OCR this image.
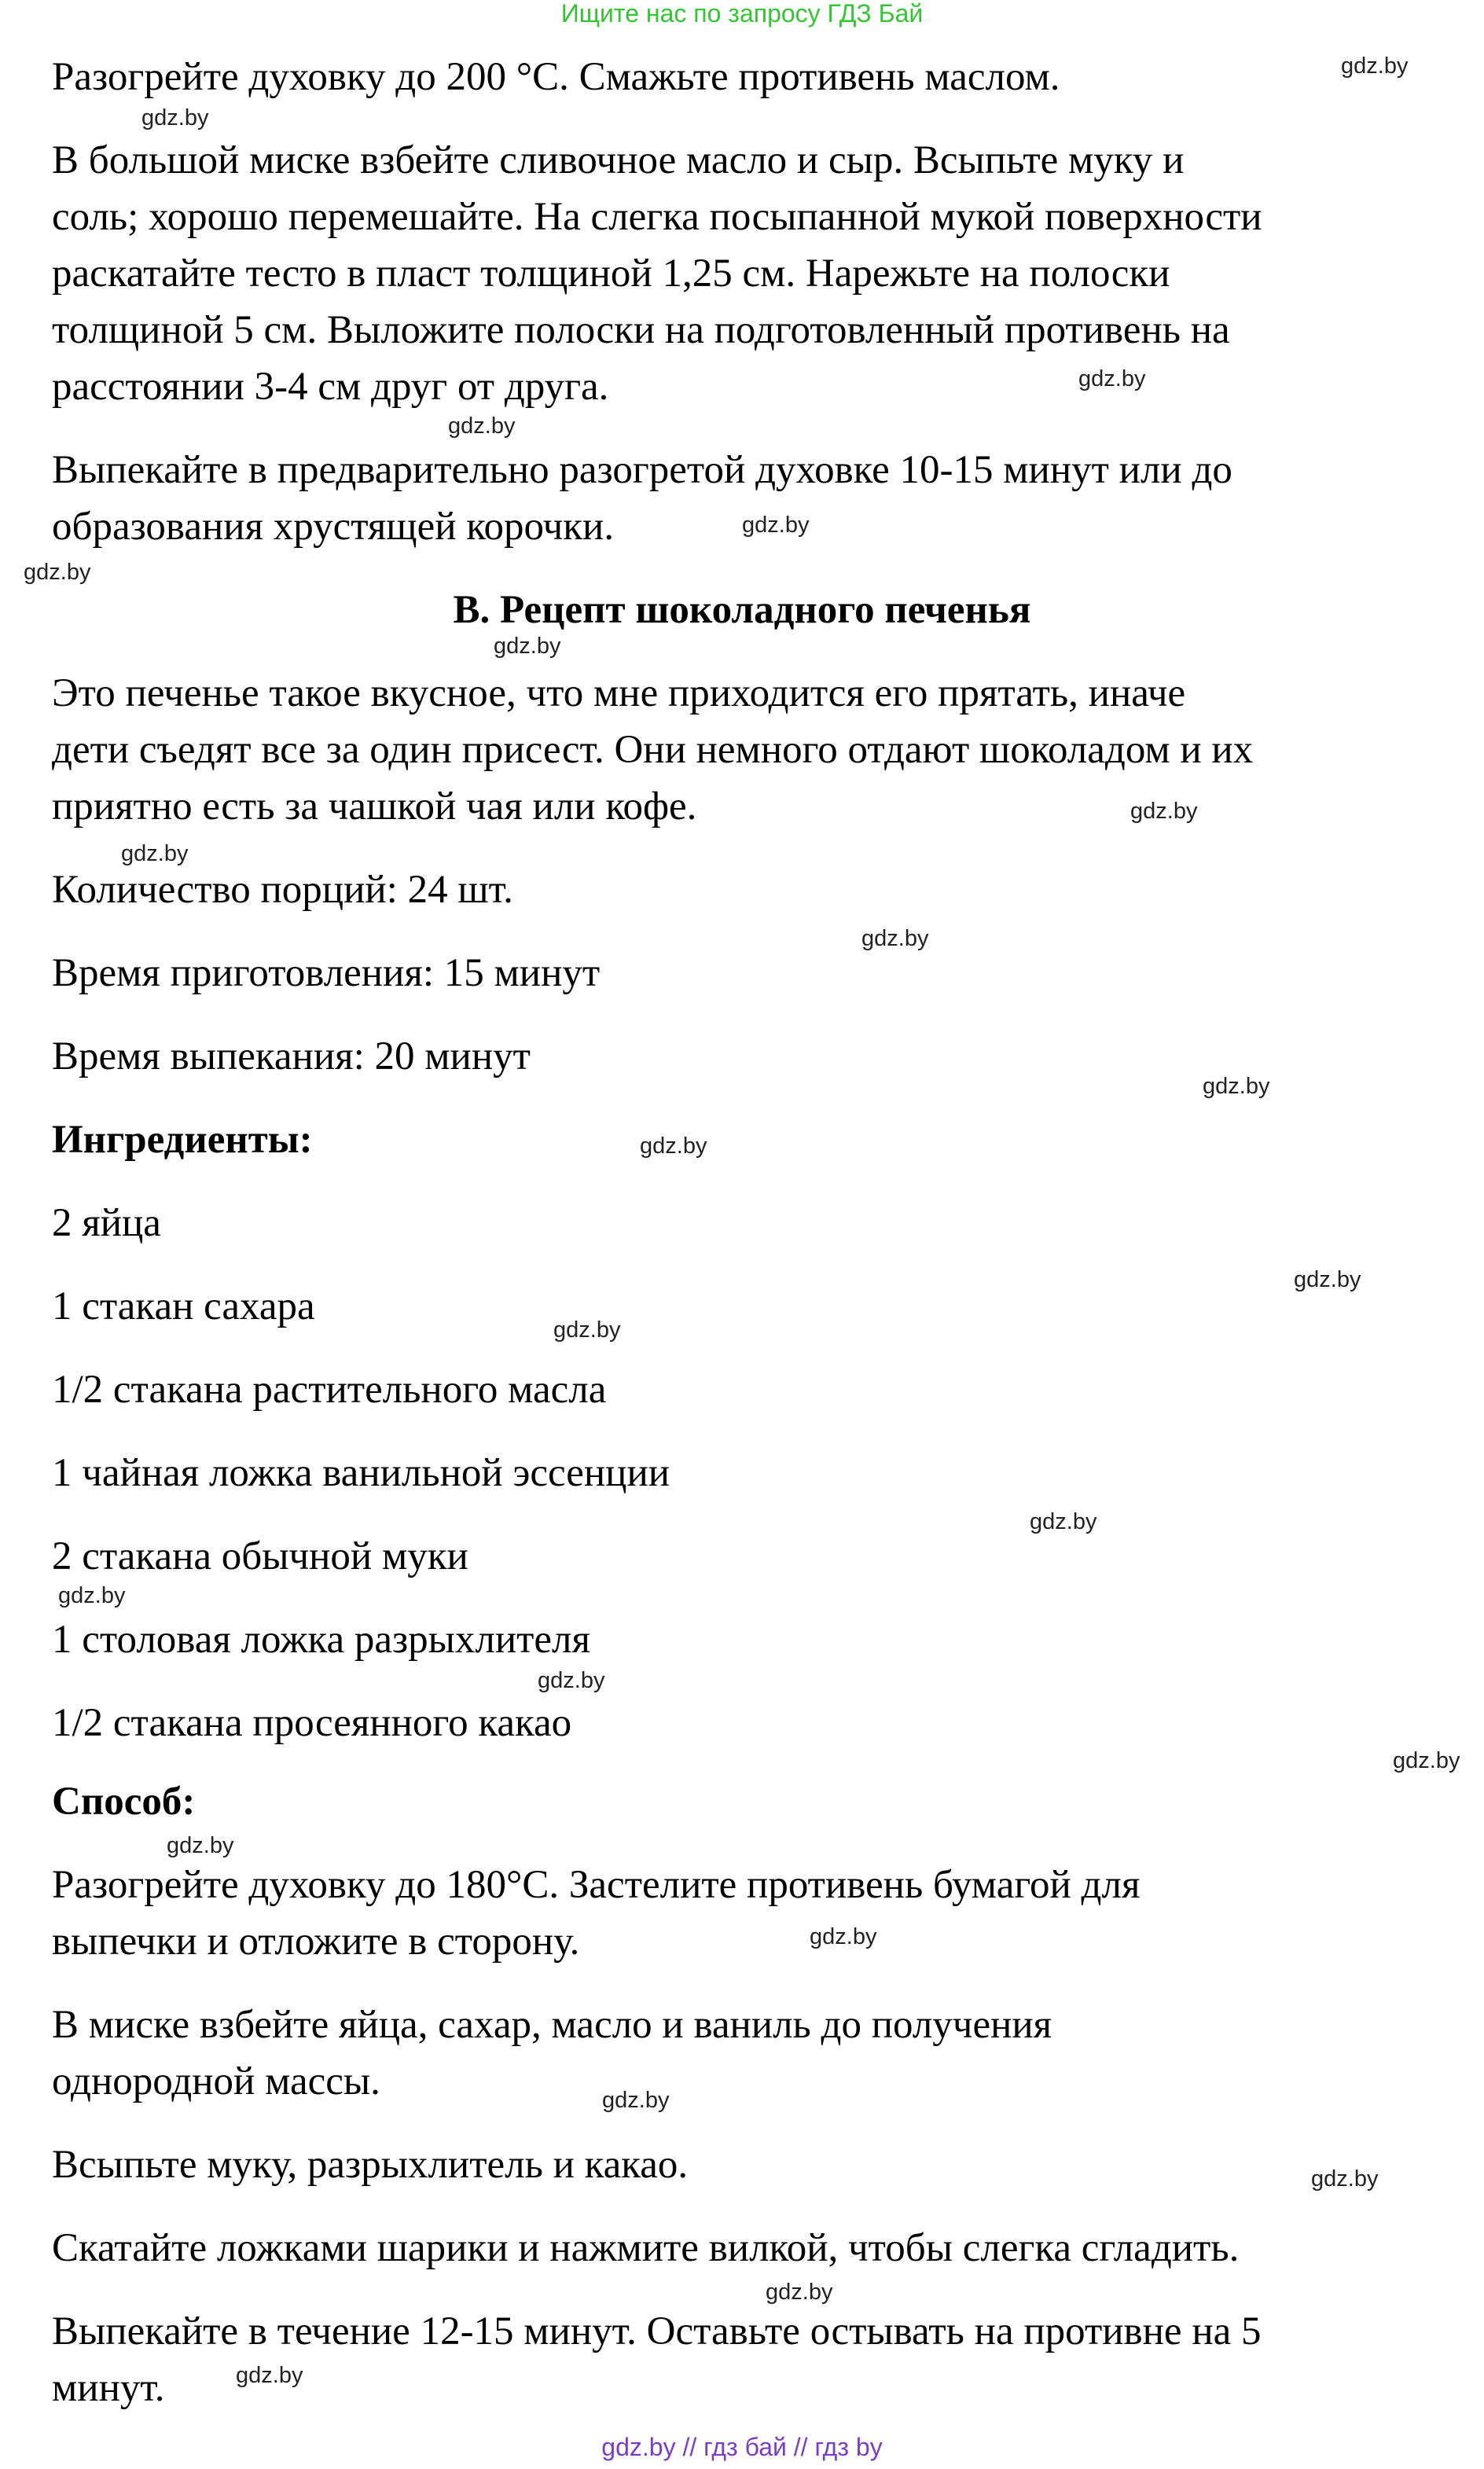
Ищите нас по запросу ГДЗ Бай
Разогрейте духовку до 200 °С. Смажьте противень маслом.
В большой миске взбейте сливочное масло и сыр. Всыпьте муку и
соль; хорошо перемешайте. На слегка посыпанной мукой поверхности
раскатайте тесто в пласт толщиной 1,25 см. Нарежьте на полоски
толщиной 5 см. Выложите полоски на подготовленный противень на
расстоянии 3-4 см друг от друга.
Выпекайте в предварительно разогретой духовке 10-15 минут или до
образования хрустящей корочки.
B. Рецепт шоколадного печенья
Это печенье такое вкусное, что мне приходится его прятать, иначе
дети съедят все за один присест. Они немного отдают шоколадом и их
приятно есть за чашкой чая или кофе.
Количество порций: 24 шт.
Время приготовления: 15 минут
Время выпекания: 20 минут
Ингредиенты:
2 яйца
1 стакан сахара
1/2 стакана растительного масла
1 чайная ложка ванильной эссенции
2 стакана обычной муки
1 столовая ложка разрыхлителя
1/2 стакана просеянного какао
Способ:
Разогрейте духовку до 180°С. Застелите противень бумагой для
выпечки и отложите в сторону.
В миске взбейте яйца, сахар, масло и ваниль до получения
однородной массы.
Всыпьте муку, разрыхлитель и какао.
Скатайте ложками шарики и нажмите вилкой, чтобы слегка сгладить.
Выпекайте в течение 12-15 минут. Оставьте остывать на противне на 5
минут.
gdz.by
gdz.by
gdz.by
gdz.by
gdz.by
gdz.by
gdz.by
gdz.by
gdz.by
gdz.by
gdz.by
gdz.by
gdz.by
gdz.by
gdz.by
gdz.by
gdz.by
gdz.by
gdz.by
gdz.by
gdz.by
gdz.by
gdz.by
gdz.by
gdz.by // гдз бай // гдз by
